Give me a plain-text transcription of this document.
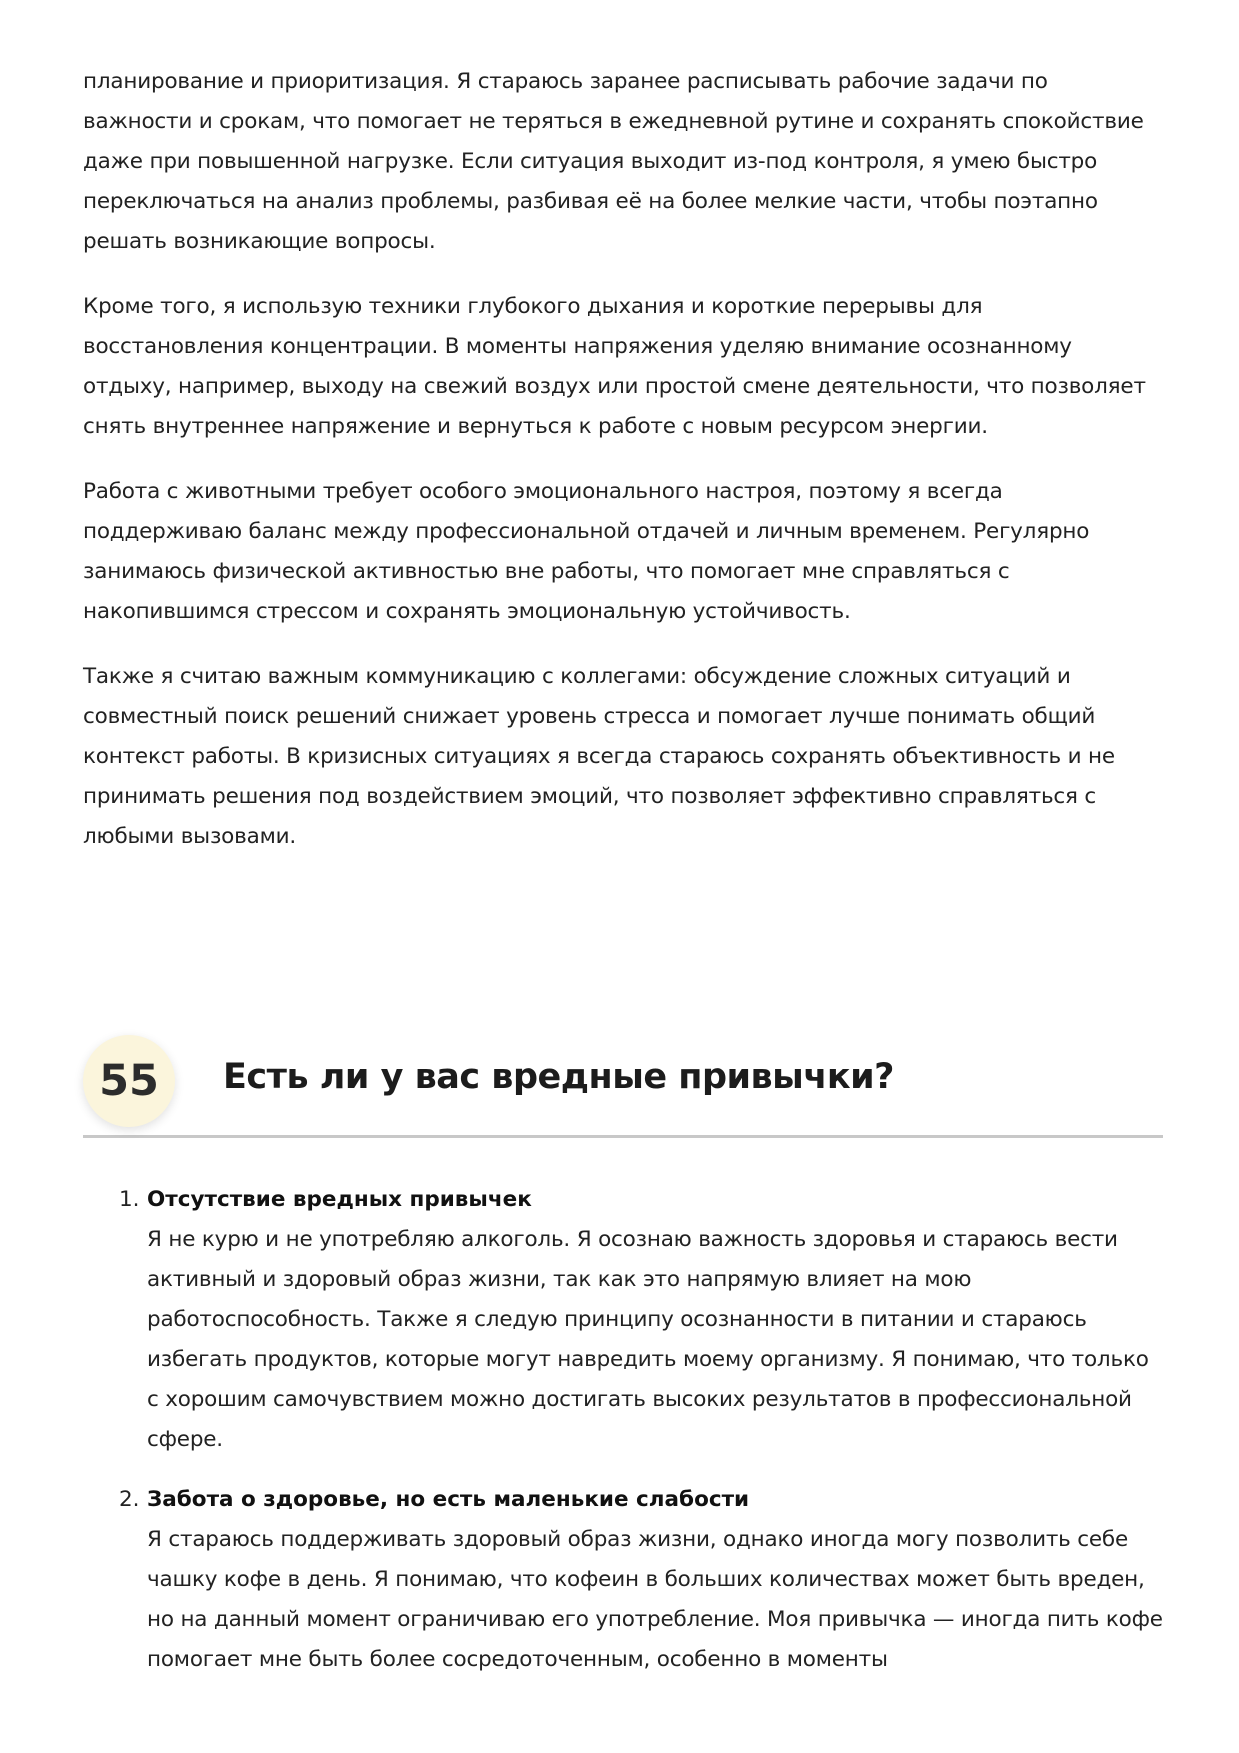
планирование и приоритизация. Я стараюсь заранее расписывать рабочие задачи по важности и срокам, что помогает не теряться в ежедневной рутине и сохранять спокойствие даже при повышенной нагрузке. Если ситуация выходит из-под контроля, я умею быстро переключаться на анализ проблемы, разбивая её на более мелкие части, чтобы поэтапно решать возникающие вопросы.

Кроме того, я использую техники глубокого дыхания и короткие перерывы для восстановления концентрации. В моменты напряжения уделяю внимание осознанному отдыху, например, выходу на свежий воздух или простой смене деятельности, что позволяет снять внутреннее напряжение и вернуться к работе с новым ресурсом энергии.

Работа с животными требует особого эмоционального настроя, поэтому я всегда поддерживаю баланс между профессиональной отдачей и личным временем. Регулярно занимаюсь физической активностью вне работы, что помогает мне справляться с накопившимся стрессом и сохранять эмоциональную устойчивость.

Также я считаю важным коммуникацию с коллегами: обсуждение сложных ситуаций и совместный поиск решений снижает уровень стресса и помогает лучше понимать общий контекст работы. В кризисных ситуациях я всегда стараюсь сохранять объективность и не принимать решения под воздействием эмоций, что позволяет эффективно справляться с любыми вызовами.

55	Есть ли у вас вредные привычки?
1. Отсутствие вредных привычек
Я не курю и не употребляю алкоголь. Я осознаю важность здоровья и стараюсь вести активный и здоровый образ жизни, так как это напрямую влияет на мою работоспособность. Также я следую принципу осознанности в питании и стараюсь избегать продуктов, которые могут навредить моему организму. Я понимаю, что только с хорошим самочувствием можно достигать высоких результатов в профессиональной сфере.
2. Забота о здоровье, но есть маленькие слабости
Я стараюсь поддерживать здоровый образ жизни, однако иногда могу позволить себе чашку кофе в день. Я понимаю, что кофеин в больших количествах может быть вреден, но на данный момент ограничиваю его употребление. Моя привычка — иногда пить кофе помогает мне быть более сосредоточенным, особенно в моменты
